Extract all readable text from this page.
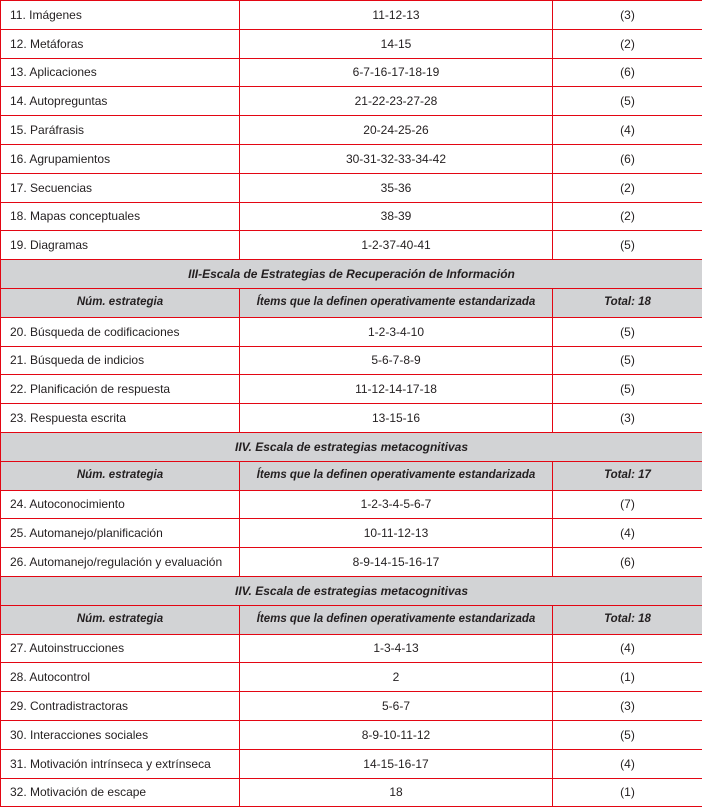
11. Imágenes	11-12-13	(3)
12. Metáforas	14-15	(2)
13. Aplicaciones	6-7-16-17-18-19	(6)
14. Autopreguntas	21-22-23-27-28	(5)
15. Paráfrasis	20-24-25-26	(4)
16. Agrupamientos	30-31-32-33-34-42	(6)
17. Secuencias	35-36	(2)
18. Mapas conceptuales	38-39	(2)
19. Diagramas	1-2-37-40-41	(5)
III-Escala de Estrategias de Recuperación de Información		
Núm. estrategia	Ítems que la definen operativamente estandarizada	Total: 18
20. Búsqueda de codificaciones	1-2-3-4-10	(5)
21. Búsqueda de indicios	5-6-7-8-9	(5)
22. Planificación de respuesta	11-12-14-17-18	(5)
23. Respuesta escrita	13-15-16	(3)
IIV. Escala de estrategias metacognitivas		
Núm. estrategia	Ítems que la definen operativamente estandarizada	Total: 17
24. Autoconocimiento	1-2-3-4-5-6-7	(7)
25. Automanejo/planificación	10-11-12-13	(4)
26. Automanejo/regulación y evaluación	8-9-14-15-16-17	(6)
IIV. Escala de estrategias metacognitivas		
Núm. estrategia	Ítems que la definen operativamente estandarizada	Total: 18
27. Autoinstrucciones	1-3-4-13	(4)
28. Autocontrol	2	(1)
29. Contradistractoras	5-6-7	(3)
30. Interacciones sociales	8-9-10-11-12	(5)
31. Motivación intrínseca y extrínseca	14-15-16-17	(4)
32. Motivación de escape	18	(1)
